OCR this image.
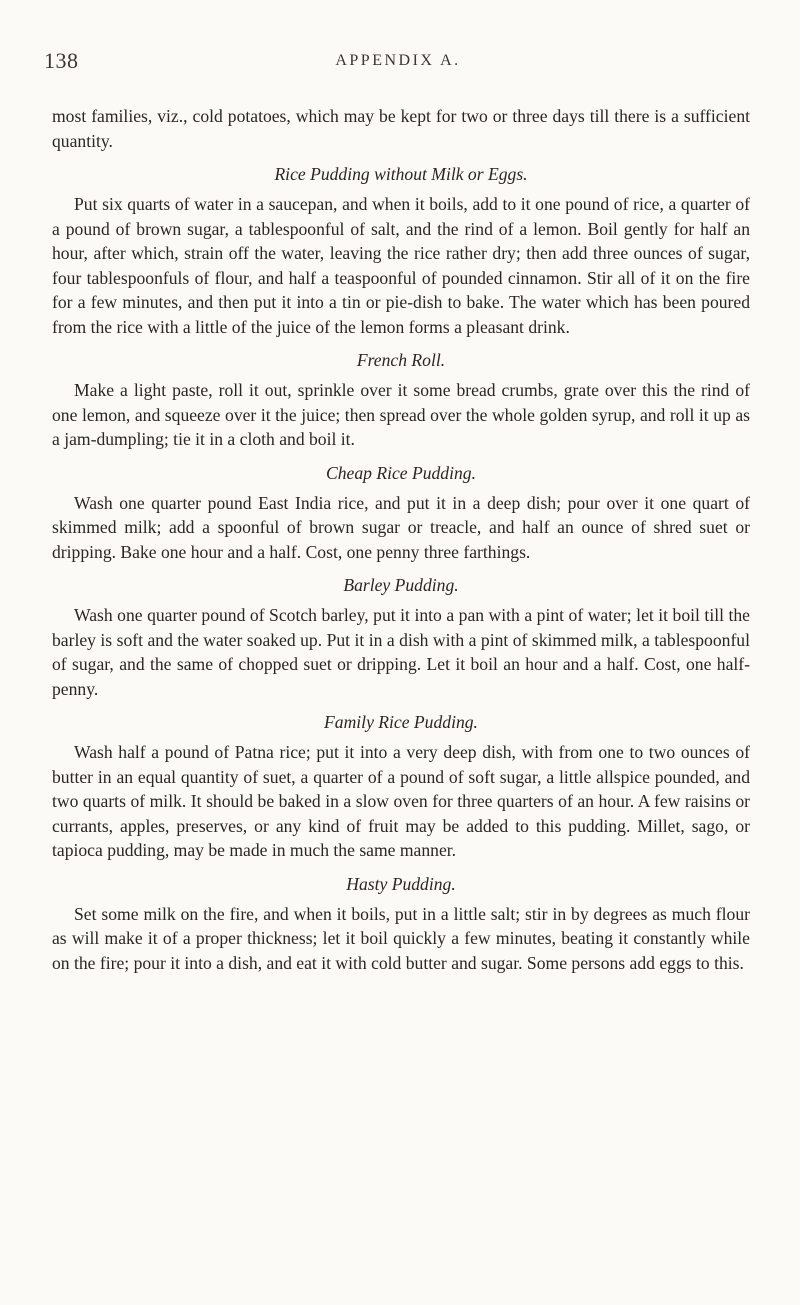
138	APPENDIX A.

most families, viz., cold potatoes, which may be kept for two or three days till there is a sufficient quantity.

Rice Pudding without Milk or Eggs.

Put six quarts of water in a saucepan, and when it boils, add to it one pound of rice, a quarter of a pound of brown sugar, a tablespoonful of salt, and the rind of a lemon. Boil gently for half an hour, after which, strain off the water, leaving the rice rather dry; then add three ounces of sugar, four tablespoonfuls of flour, and half a teaspoonful of pounded cinnamon. Stir all of it on the fire for a few minutes, and then put it into a tin or pie-dish to bake. The water which has been poured from the rice with a little of the juice of the lemon forms a pleasant drink.

French Roll.

Make a light paste, roll it out, sprinkle over it some bread crumbs, grate over this the rind of one lemon, and squeeze over it the juice; then spread over the whole golden syrup, and roll it up as a jam-dumpling; tie it in a cloth and boil it.

Cheap Rice Pudding.

Wash one quarter pound East India rice, and put it in a deep dish; pour over it one quart of skimmed milk; add a spoonful of brown sugar or treacle, and half an ounce of shred suet or dripping. Bake one hour and a half. Cost, one penny three farthings.

Barley Pudding.

Wash one quarter pound of Scotch barley, put it into a pan with a pint of water; let it boil till the barley is soft and the water soaked up. Put it in a dish with a pint of skimmed milk, a tablespoonful of sugar, and the same of chopped suet or dripping. Let it boil an hour and a half. Cost, one half-penny.

Family Rice Pudding.

Wash half a pound of Patna rice; put it into a very deep dish, with from one to two ounces of butter in an equal quantity of suet, a quarter of a pound of soft sugar, a little allspice pounded, and two quarts of milk. It should be baked in a slow oven for three quarters of an hour. A few raisins or currants, apples, preserves, or any kind of fruit may be added to this pudding. Millet, sago, or tapioca pudding, may be made in much the same manner.

Hasty Pudding.

Set some milk on the fire, and when it boils, put in a little salt; stir in by degrees as much flour as will make it of a proper thickness; let it boil quickly a few minutes, beating it constantly while on the fire; pour it into a dish, and eat it with cold butter and sugar. Some persons add eggs to this.
